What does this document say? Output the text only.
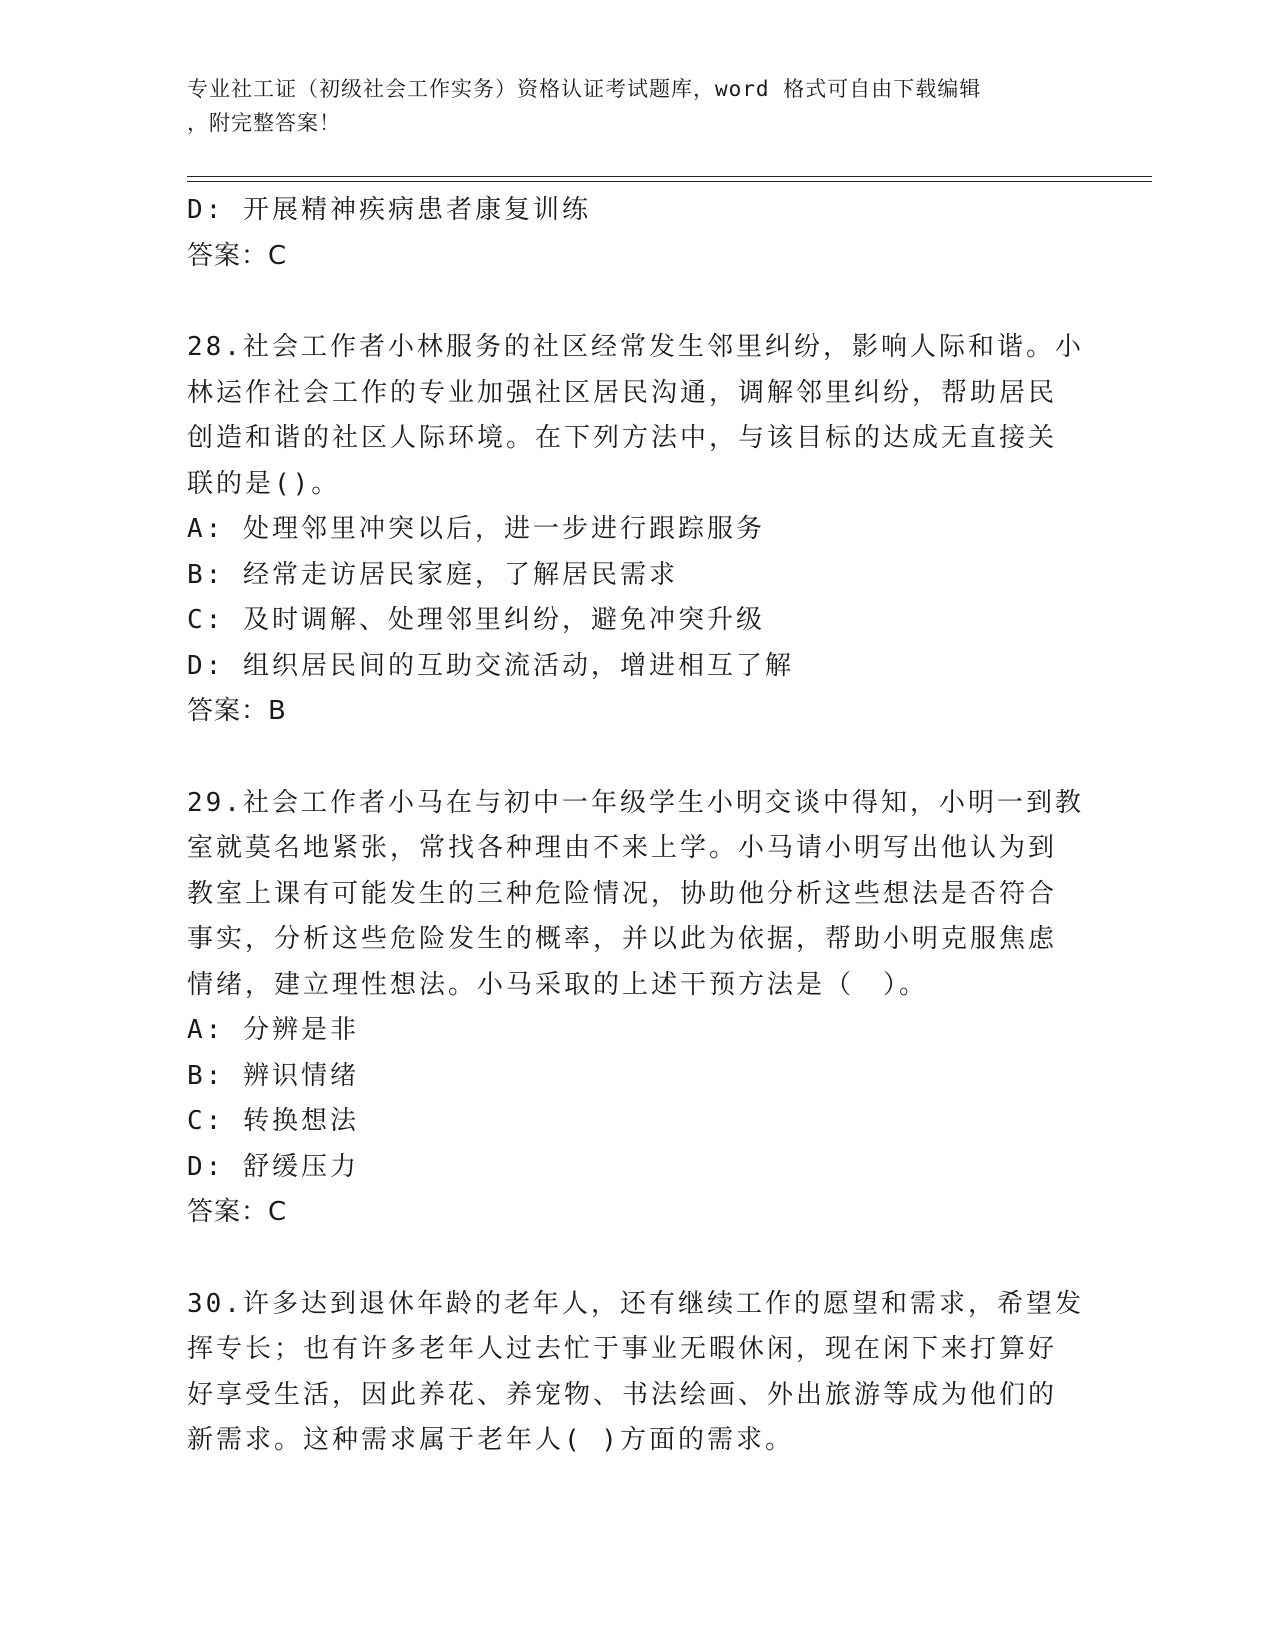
专业社工证（初级社会工作实务）资格认证考试题库，word 格式可自由下载编辑
，附完整答案！
D: 开展精神疾病患者康复训练
答案：C
28.社会工作者小林服务的社区经常发生邻里纠纷，影响人际和谐。小
林运作社会工作的专业加强社区居民沟通，调解邻里纠纷，帮助居民
创造和谐的社区人际环境。在下列方法中，与该目标的达成无直接关
联的是()。
A: 处理邻里冲突以后，进一步进行跟踪服务
B: 经常走访居民家庭，了解居民需求
C: 及时调解、处理邻里纠纷，避免冲突升级
D: 组织居民间的互助交流活动，增进相互了解
答案：B
29.社会工作者小马在与初中一年级学生小明交谈中得知，小明一到教
室就莫名地紧张，常找各种理由不来上学。小马请小明写出他认为到
教室上课有可能发生的三种危险情况，协助他分析这些想法是否符合
事实，分析这些危险发生的概率，并以此为依据，帮助小明克服焦虑
情绪，建立理性想法。小马采取的上述干预方法是（　）。
A: 分辨是非
B: 辨识情绪
C: 转换想法
D: 舒缓压力
答案：C
30.许多达到退休年龄的老年人，还有继续工作的愿望和需求，希望发
挥专长；也有许多老年人过去忙于事业无暇休闲，现在闲下来打算好
好享受生活，因此养花、养宠物、书法绘画、外出旅游等成为他们的
新需求。这种需求属于老年人( )方面的需求。
